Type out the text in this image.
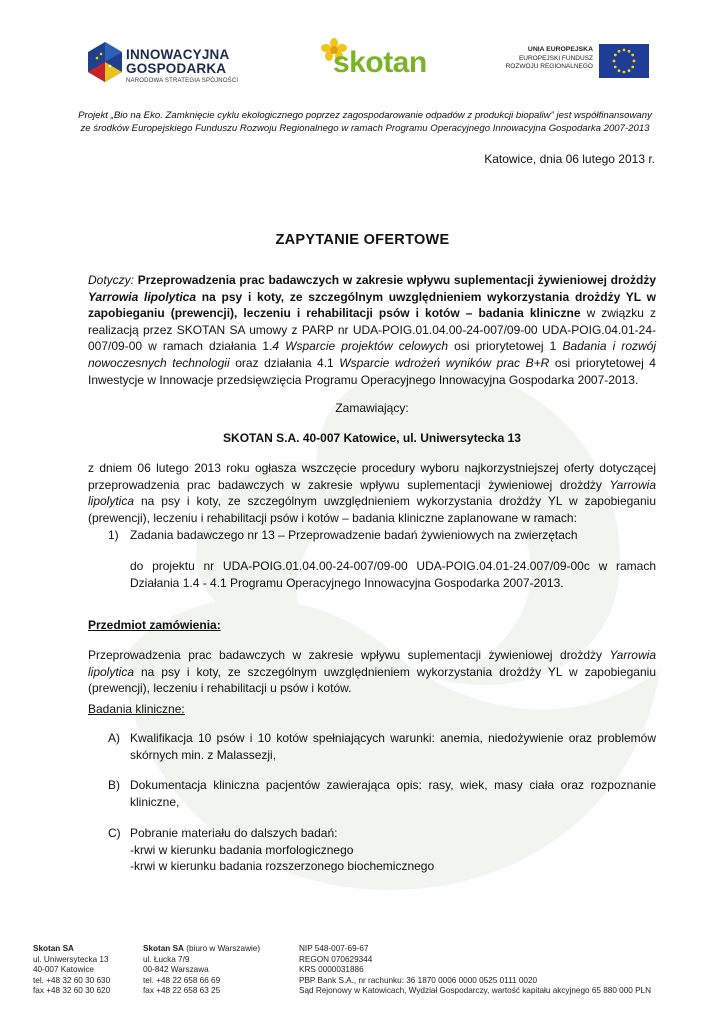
INNOWACYJNA
GOSPODARKA
NARODOWA STRATEGIA SPÓJNOŚCI
skotan	UNIA EUROPEJSKA
EUROPEJSKI FUNDUSZ
ROZWOJU REGIONALNEGO
Projekt „Bio na Eko. Zamknięcie cyklu ekologicznego poprzez zagospodarowanie odpadów z produkcji biopaliw” jest współfinansowany
ze środków Europejskiego Funduszu Rozwoju Regionalnego w ramach Programu Operacyjnego Innowacyjna Gospodarka 2007-2013
Katowice, dnia 06 lutego 2013 r.
ZAPYTANIE OFERTOWE
Dotyczy: Przeprowadzenia prac badawczych w zakresie wpływu suplementacji żywieniowej drożdży Yarrowia lipolytica na psy i koty, ze szczególnym uwzględnieniem wykorzystania drożdży YL w zapobieganiu (prewencji), leczeniu i rehabilitacji psów i kotów – badania kliniczne w związku z realizacją przez SKOTAN SA umowy z PARP nr UDA-POIG.01.04.00-24-007/09-00 UDA-POIG.04.01-24-007/09-00 w ramach działania 1.4 Wsparcie projektów celowych osi priorytetowej 1 Badania i rozwój nowoczesnych technologii oraz działania 4.1 Wsparcie wdrożeń wyników prac B+R osi priorytetowej 4 Inwestycje w Innowacje przedsięwzięcia Programu Operacyjnego Innowacyjna Gospodarka 2007-2013.
Zamawiający:
SKOTAN S.A. 40-007 Katowice, ul. Uniwersytecka 13
z dniem 06 lutego 2013 roku ogłasza wszczęcie procedury wyboru najkorzystniejszej oferty dotyczącej przeprowadzenia prac badawczych w zakresie wpływu suplementacji żywieniowej drożdży Yarrowia lipolytica na psy i koty, ze szczególnym uwzględnieniem wykorzystania drożdży YL w zapobieganiu (prewencji), leczeniu i rehabilitacji psów i kotów – badania kliniczne zaplanowane w ramach:
1) Zadania badawczego nr 13 – Przeprowadzenie badań żywieniowych na zwierzętach
do projektu nr UDA-POIG.01.04.00-24-007/09-00 UDA-POIG.04.01-24.007/09-00c w ramach
Działania 1.4 - 4.1 Programu Operacyjnego Innowacyjna Gospodarka 2007-2013.
Przedmiot zamówienia:
Przeprowadzenia prac badawczych w zakresie wpływu suplementacji żywieniowej drożdży Yarrowia lipolytica na psy i koty, ze szczególnym uwzględnieniem wykorzystania drożdży YL w zapobieganiu (prewencji), leczeniu i rehabilitacji u psów i kotów.
Badania kliniczne:
A) Kwalifikacja 10 psów i 10 kotów spełniających warunki: anemia, niedożywienie oraz problemów skórnych min. z Malassezji,
B) Dokumentacja kliniczna pacjentów zawierająca opis: rasy, wiek, masy ciała oraz rozpoznanie kliniczne,
C) Pobranie materiału do dalszych badań:
-krwi w kierunku badania morfologicznego
-krwi w kierunku badania rozszerzonego biochemicznego
Skotan SA
ul. Uniwersytecka 13
40-007 Katowice
tel. +48 32 60 30 630
fax +48 32 60 30 620
Skotan SA (biuro w Warszawie)
ul. Łucka 7/9
00-842 Warszawa
tel. +48 22 658 66 69
fax +48 22 658 63 25
NIP 548-007-69-67
REGON 070629344
KRS 0000031886
PBP Bank S.A., nr rachunku: 36 1870 0006 0000 0525 0111 0020
Sąd Rejonowy w Katowicach, Wydział Gospodarczy, wartość kapitału akcyjnego 65 880 000 PLN
